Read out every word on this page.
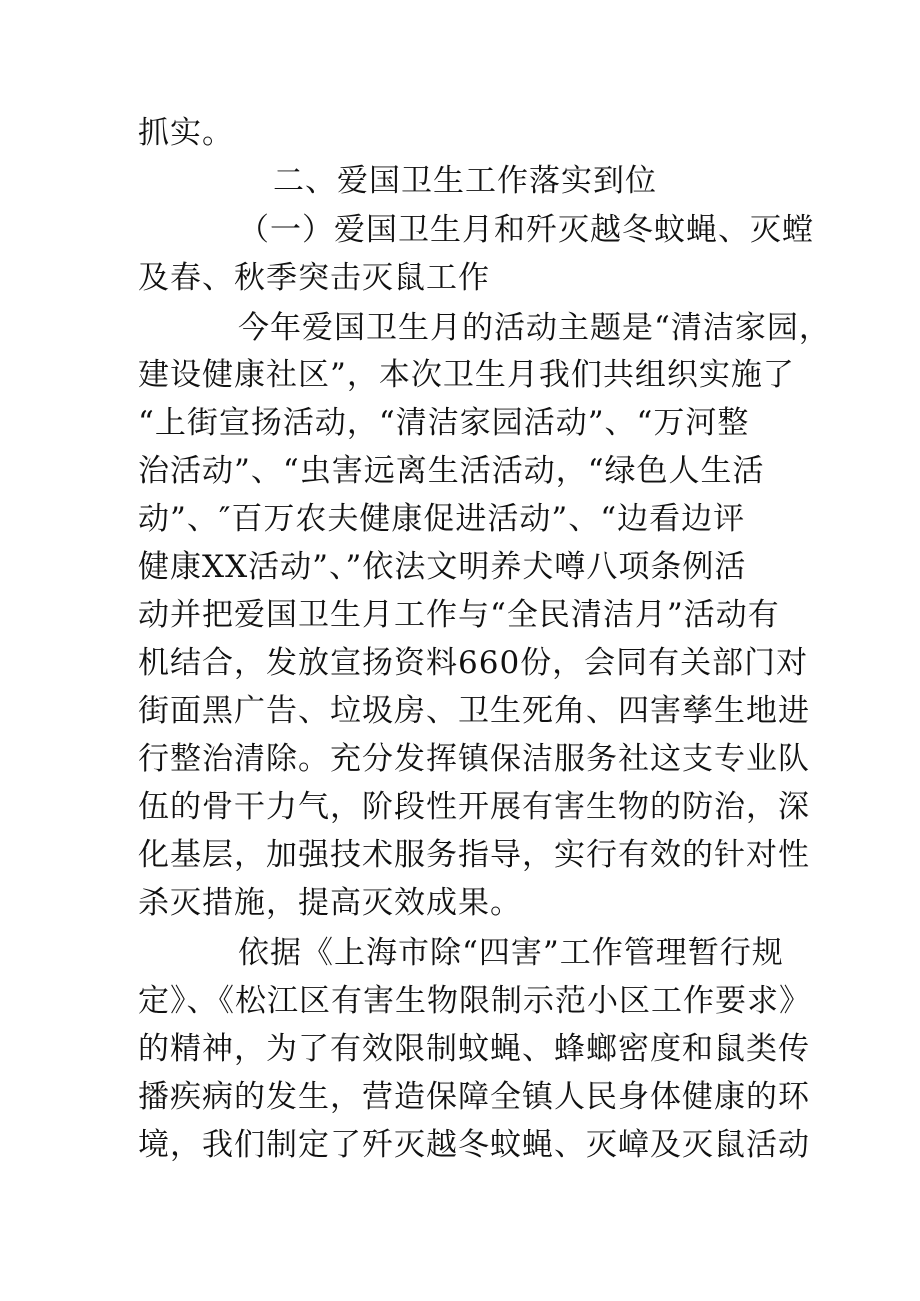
抓实。
二、爱国卫生工作落实到位
（一）爱国卫生月和歼灭越冬蚊蝇、灭螳
及春、秋季突击灭鼠工作
今年爱国卫生月的活动主题是“清洁家园，
建设健康社区”，本次卫生月我们共组织实施了
“上街宣扬活动，“清洁家园活动”、“万河整
治活动”、“虫害远离生活活动，“绿色人生活
动”、″百万农夫健康促进活动”、“边看边评
健康XX活动”、”依法文明养犬噂八项条例活
动并把爱国卫生月工作与“全民清洁月”活动有
机结合，发放宣扬资料660份，会同有关部门对
街面黑广告、垃圾房、卫生死角、四害孳生地进
行整治清除。充分发挥镇保洁服务社这支专业队
伍的骨干力气，阶段性开展有害生物的防治，深
化基层，加强技术服务指导，实行有效的针对性
杀灭措施，提高灭效成果。
依据《上海市除“四害”工作管理暂行规
定》、《松江区有害生物限制示范小区工作要求》
的精神，为了有效限制蚊蝇、蜂螂密度和鼠类传
播疾病的发生，营造保障全镇人民身体健康的环
境，我们制定了歼灭越冬蚊蝇、灭嶂及灭鼠活动
